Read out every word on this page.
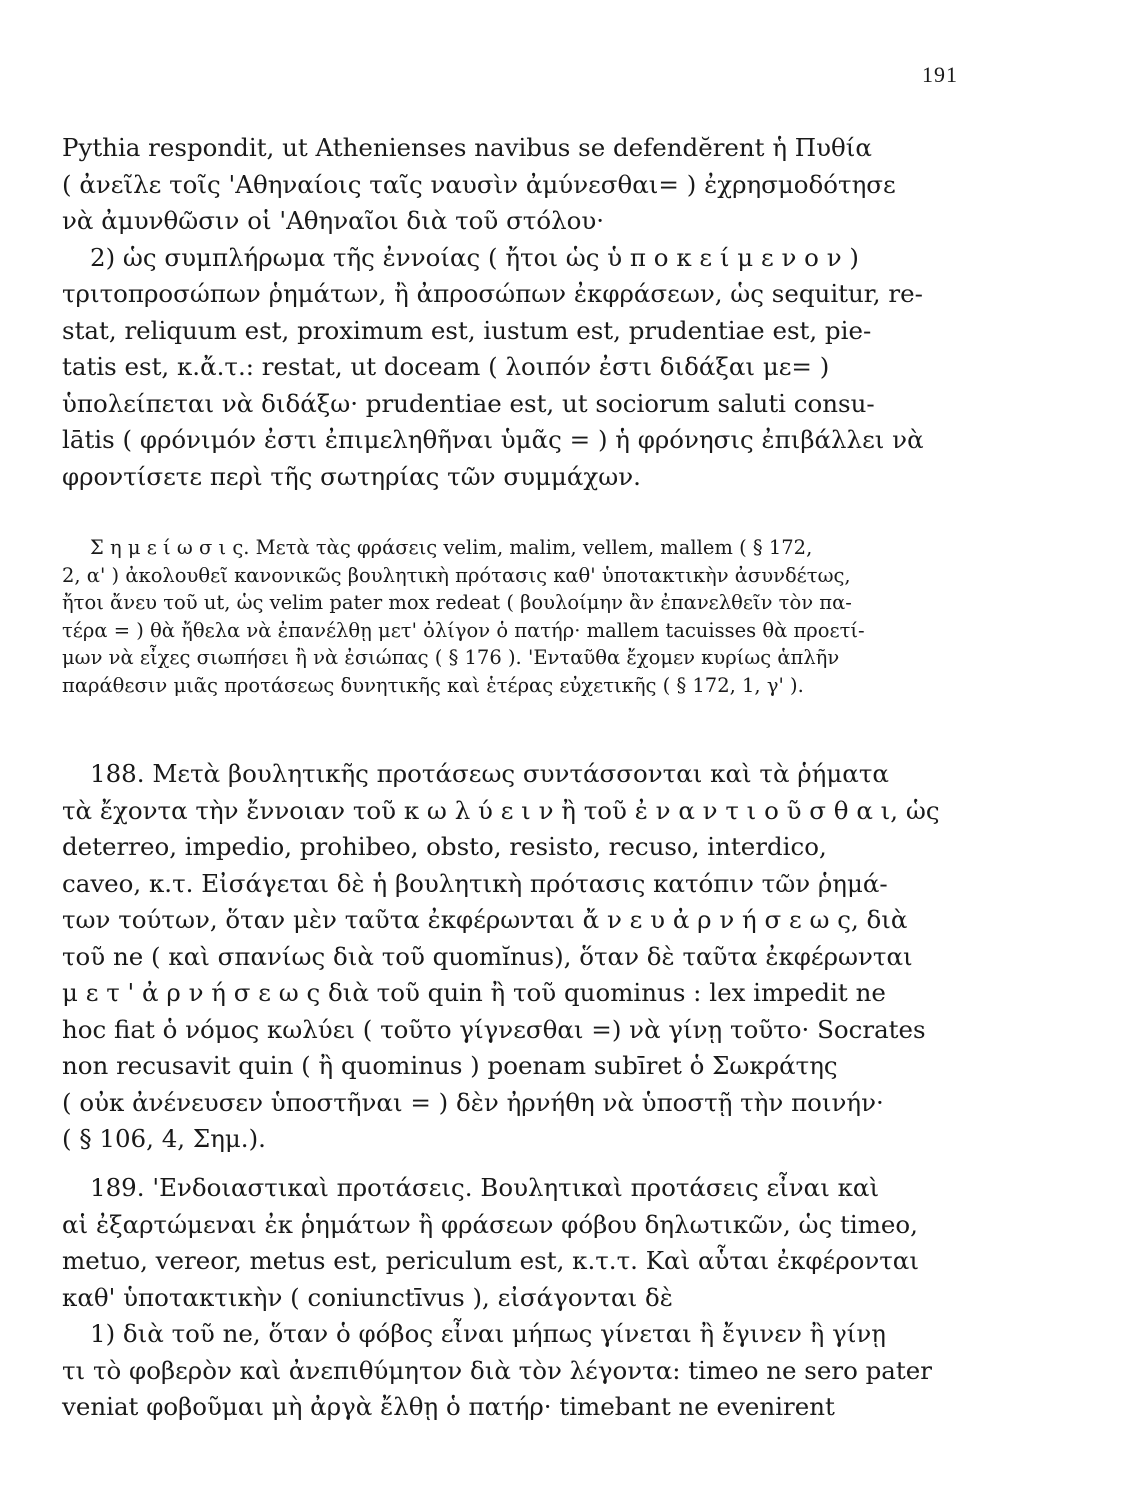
191
Pythia respondit, ut Athenienses navibus se defendĕrent ἡ Πυθία
( ἀνεῖλε τοῖς 'Αθηναίοις ταῖς ναυσὶν ἀμύνεσθαι= ) ἐχρησμοδότησε
νὰ ἀμυνθῶσιν οἱ 'Αθηναῖοι διὰ τοῦ στόλου·
2) ὡς συμπλήρωμα τῆς ἐννοίας ( ἤτοι ὡς ὑ π ο κ ε ί μ ε ν ο ν )
τριτοπροσώπων ῥημάτων, ἢ ἀπροσώπων ἐκφράσεων, ὡς sequitur, re-
stat, reliquum est, proximum est, iustum est, prudentiae est, pie-
tatis est, κ.ἄ.τ.: restat, ut doceam ( λοιπόν ἐστι διδάξαι με= )
ὑπολείπεται νὰ διδάξω· prudentiae est, ut sociorum saluti consu-
lātis ( φρόνιμόν ἐστι ἐπιμεληθῆναι ὑμᾶς = ) ἡ φρόνησις ἐπιβάλλει νὰ
φροντίσετε περὶ τῆς σωτηρίας τῶν συμμάχων.
Σ η μ ε ί ω σ ι ς. Μετὰ τὰς φράσεις velim, malim, vellem, mallem ( § 172,
2, α' ) ἀκολουθεῖ κανονικῶς βουλητικὴ πρότασις καθ' ὑποτακτικὴν ἀσυνδέτως,
ἤτοι ἄνευ τοῦ ut, ὡς velim pater mox redeat ( βουλοίμην ἂν ἐπανελθεῖν τὸν πα-
τέρα = ) θὰ ἤθελα νὰ ἐπανέλθῃ μετ' ὀλίγον ὁ πατήρ· mallem tacuisses θὰ προετί-
μων νὰ εἶχες σιωπήσει ἢ νὰ ἐσιώπας ( § 176 ). 'Ενταῦθα ἔχομεν κυρίως ἁπλῆν
παράθεσιν μιᾶς προτάσεως δυνητικῆς καὶ ἑτέρας εὐχετικῆς ( § 172, 1, γ' ).
188. Μετὰ βουλητικῆς προτάσεως συντάσσονται καὶ τὰ ῥήματα
τὰ ἔχοντα τὴν ἔννοιαν τοῦ κ ω λ ύ ε ι ν ἢ τοῦ ἐ ν α ν τ ι ο ῦ σ θ α ι, ὡς
deterreo, impedio, prohibeo, obsto, resisto, recuso, interdico,
caveo, κ.τ. Εἰσάγεται δὲ ἡ βουλητικὴ πρότασις κατόπιν τῶν ῥημά-
των τούτων, ὅταν μὲν ταῦτα ἐκφέρωνται ἄ ν ε υ ἀ ρ ν ή σ ε ω ς, διὰ
τοῦ ne ( καὶ σπανίως διὰ τοῦ quomĭnus), ὅταν δὲ ταῦτα ἐκφέρωνται
μ ε τ ' ἀ ρ ν ή σ ε ω ς διὰ τοῦ quin ἢ τοῦ quominus : lex impedit ne
hoc fiat ὁ νόμος κωλύει ( τοῦτο γίγνεσθαι =) νὰ γίνῃ τοῦτο· Socrates
non recusavit quin ( ἢ quominus ) poenam subīret ὁ Σωκράτης
( οὐκ ἀνένευσεν ὑποστῆναι = ) δὲν ἠρνήθη νὰ ὑποστῇ τὴν ποινήν·
( § 106, 4, Σημ.).
189. 'Ενδοιαστικαὶ προτάσεις. Βουλητικαὶ προτάσεις εἶναι καὶ
αἱ ἐξαρτώμεναι ἐκ ῥημάτων ἢ φράσεων φόβου δηλωτικῶν, ὡς timeo,
metuo, vereor, metus est, periculum est, κ.τ.τ. Καὶ αὗται ἐκφέρονται
καθ' ὑποτακτικὴν ( coniunctīvus ), εἰσάγονται δὲ
1) διὰ τοῦ ne, ὅταν ὁ φόβος εἶναι μήπως γίνεται ἢ ἔγινεν ἢ γίνῃ
τι τὸ φοβερὸν καὶ ἀνεπιθύμητον διὰ τὸν λέγοντα: timeo ne sero pater
veniat φοβοῦμαι μὴ ἀργὰ ἔλθῃ ὁ πατήρ· timebant ne evenirent
